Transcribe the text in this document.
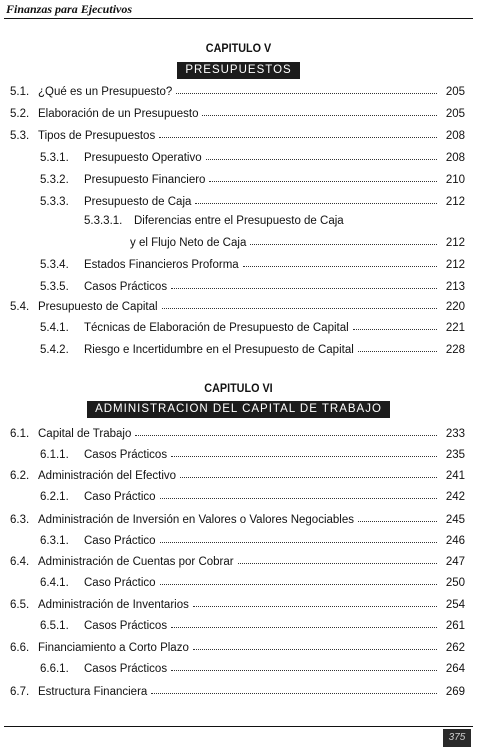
Finanzas para Ejecutivos
CAPITULO V
PRESUPUESTOS
5.1. ¿Qué es un Presupuesto?	205
5.2. Elaboración de un Presupuesto	205
5.3. Tipos de Presupuestos	208
5.3.1.	Presupuesto Operativo	208
5.3.2.	Presupuesto Financiero	210
5.3.3.	Presupuesto de Caja	212
5.3.3.1.	Diferencias entre el Presupuesto de Caja
y el Flujo Neto de Caja	212
5.3.4.	Estados Financieros Proforma	212
5.3.5.	Casos Prácticos	213
5.4. Presupuesto de Capital	220
5.4.1.	Técnicas de Elaboración de Presupuesto de Capital	221
5.4.2.	Riesgo e Incertidumbre en el Presupuesto de Capital	228
CAPITULO VI
ADMINISTRACION DEL CAPITAL DE TRABAJO
6.1. Capital de Trabajo	233
6.1.1.	Casos Prácticos	235
6.2. Administración del Efectivo	241
6.2.1.	Caso Práctico	242
6.3. Administración de Inversión en Valores o Valores Negociables	245
6.3.1.	Caso Práctico	246
6.4. Administración de Cuentas por Cobrar	247
6.4.1.	Caso Práctico	250
6.5. Administración de Inventarios	254
6.5.1.	Casos Prácticos	261
6.6. Financiamiento a Corto Plazo	262
6.6.1.	Casos Prácticos	264
6.7. Estructura Financiera	269
375
